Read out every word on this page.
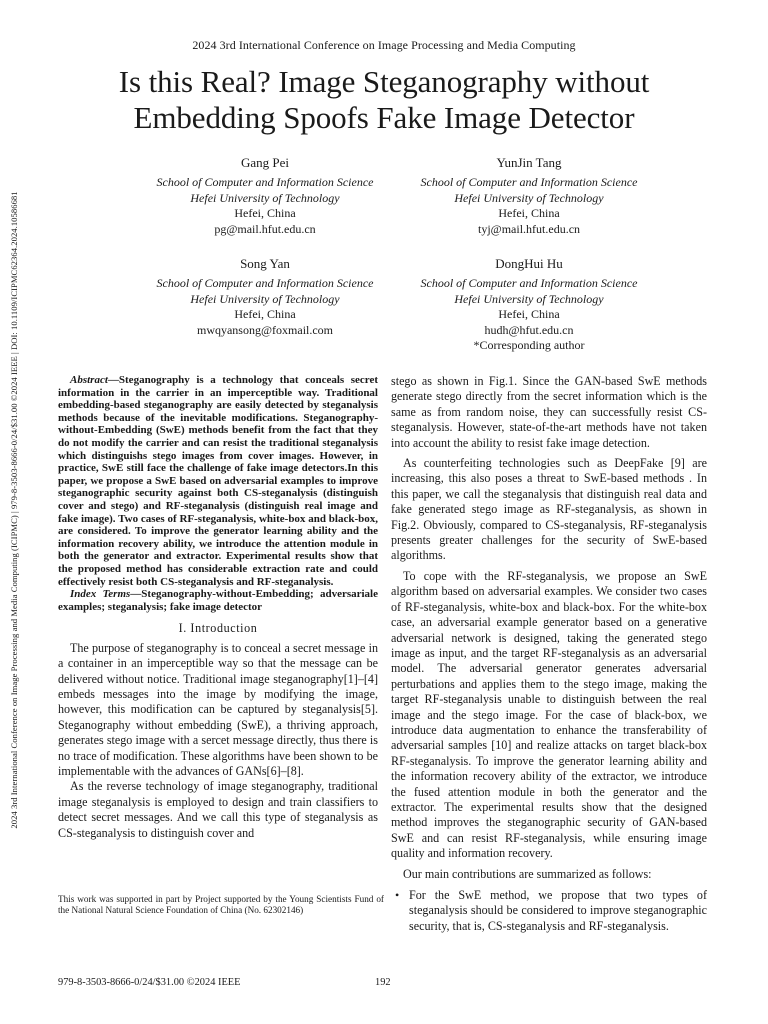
2024 3rd International Conference on Image Processing and Media Computing
Is this Real? Image Steganography without
Embedding Spoofs Fake Image Detector
Gang Pei
School of Computer and Information Science
Hefei University of Technology
Hefei, China
pg@mail.hfut.edu.cn
YunJin Tang
School of Computer and Information Science
Hefei University of Technology
Hefei, China
tyj@mail.hfut.edu.cn
Song Yan
School of Computer and Information Science
Hefei University of Technology
Hefei, China
mwqyansong@foxmail.com
DongHui Hu
School of Computer and Information Science
Hefei University of Technology
Hefei, China
hudh@hfut.edu.cn
*Corresponding author
2024 3rd International Conference on Image Processing and Media Computing (ICIPMC) | 979-8-3503-8666-0/24/$31.00 ©2024 IEEE | DOI: 10.1109/ICIPMC62364.2024.10586681	Abstract—Steganography is a technology that conceals secret information in the carrier in an imperceptible way. Traditional embedding-based steganography are easily detected by steganalysis methods because of the inevitable modifications. Steganography-without-Embedding (SwE) methods benefit from the fact that they do not modify the carrier and can resist the traditional steganalysis which distinguishs stego images from cover images. However, in practice, SwE still face the challenge of fake image detectors.In this paper, we propose a SwE based on adversarial examples to improve steganographic security against both CS-steganalysis (distinguish cover and stego) and RF-steganalysis (distinguish real image and fake image). Two cases of RF-steganalysis, white-box and black-box, are considered. To improve the generator learning ability and the information recovery ability, we introduce the attention module in both the generator and extractor. Experimental results show that the proposed method has considerable extraction rate and could effectively resist both CS-steganalysis and RF-steganalysis.

Index Terms—Steganography-without-Embedding; adversariale examples; steganalysis; fake image detector

I. Introduction

The purpose of steganography is to conceal a secret message in a container in an imperceptible way so that the message can be delivered without notice. Traditional image steganography[1]–[4] embeds messages into the image by modifying the image, however, this modification can be captured by steganalysis[5]. Steganography without embedding (SwE), a thriving approach, generates stego image with a sercet message directly, thus there is no trace of modification. These algorithms have been shown to be implementable with the advances of GANs[6]–[8].

As the reverse technology of image steganography, traditional image steganalysis is employed to design and train classifiers to detect secret messages. And we call this type of steganalysis as CS-steganalysis to distinguish cover and

This work was supported in part by Project supported by the Young Scientists Fund of the National Natural Science Foundation of China (No. 62302146)

stego as shown in Fig.1. Since the GAN-based SwE methods generate stego directly from the secret information which is the same as from random noise, they can successfully resist CS-steganalysis. However, state-of-the-art methods have not taken into account the ability to resist fake image detection.

As counterfeiting technologies such as DeepFake [9] are increasing, this also poses a threat to SwE-based methods . In this paper, we call the steganalysis that distinguish real data and fake generated stego image as RF-steganalysis, as shown in Fig.2. Obviously, compared to CS-steganalysis, RF-steganalysis presents greater challenges for the security of SwE-based algorithms.

To cope with the RF-steganalysis, we propose an SwE algorithm based on adversarial examples. We consider two cases of RF-steganalysis, white-box and black-box. For the white-box case, an adversarial example generator based on a generative adversarial network is designed, taking the generated stego image as input, and the target RF-steganalysis as an adversarial model. The adversarial generator generates adversarial perturbations and applies them to the stego image, making the target RF-steganalysis unable to distinguish between the real image and the stego image. For the case of black-box, we introduce data augmentation to enhance the transferability of adversarial samples [10] and realize attacks on target black-box RF-steganalysis. To improve the generator learning ability and the information recovery ability of the extractor, we introduce the fused attention module in both the generator and the extractor. The experimental results show that the designed method improves the steganographic security of GAN-based SwE and can resist RF-steganalysis, while ensuring image quality and information recovery.

Our main contributions are summarized as follows:

• For the SwE method, we propose that two types of steganalysis should be considered to improve steganographic security, that is, CS-steganalysis and RF-steganalysis.
979-8-3503-8666-0/24/$31.00 ©2024 IEEE	192
